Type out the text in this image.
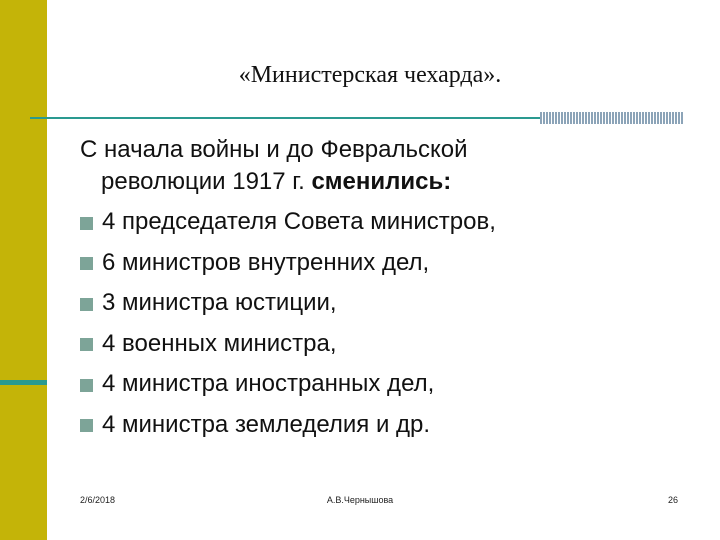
«Министерская чехарда».
С начала войны и до Февральской
революции 1917 г. сменились:
4 председателя Совета министров,
6 министров внутренних дел,
3 министра юстиции,
4 военных министра,
4 министра иностранных дел,
4 министра земледелия и др.
2/6/2018	А.В.Чернышова	26
